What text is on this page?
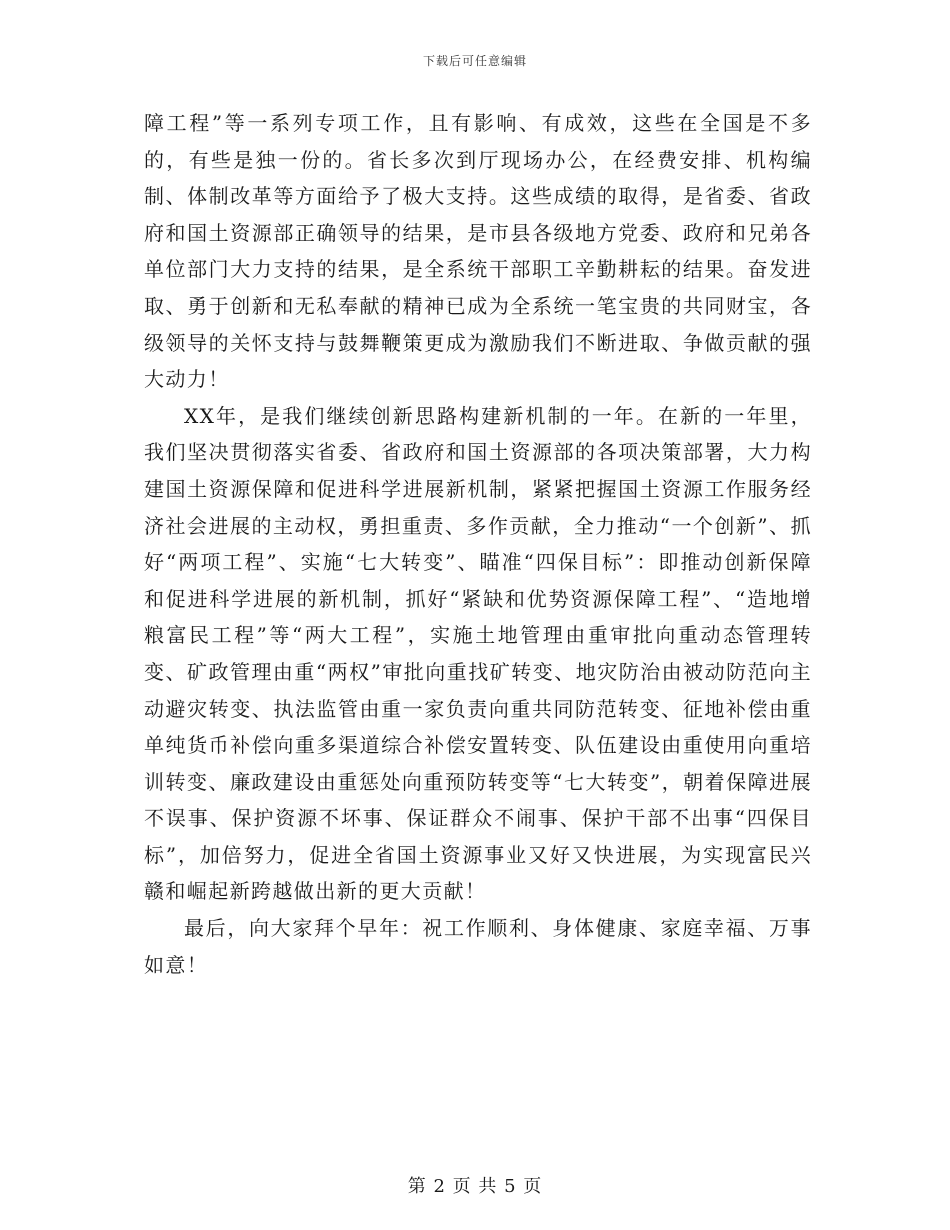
下载后可任意编辑

障工程”等一系列专项工作，且有影响、有成效，这些在全国是不多的，有些是独一份的。省长多次到厅现场办公，在经费安排、机构编制、体制改革等方面给予了极大支持。这些成绩的取得，是省委、省政府和国土资源部正确领导的结果，是市县各级地方党委、政府和兄弟各单位部门大力支持的结果，是全系统干部职工辛勤耕耘的结果。奋发进取、勇于创新和无私奉献的精神已成为全系统一笔宝贵的共同财宝，各级领导的关怀支持与鼓舞鞭策更成为激励我们不断进取、争做贡献的强大动力！

XX年，是我们继续创新思路构建新机制的一年。在新的一年里，我们坚决贯彻落实省委、省政府和国土资源部的各项决策部署，大力构建国土资源保障和促进科学进展新机制，紧紧把握国土资源工作服务经济社会进展的主动权，勇担重责、多作贡献，全力推动“一个创新”、抓好“两项工程”、实施“七大转变”、瞄准“四保目标”：即推动创新保障和促进科学进展的新机制，抓好“紧缺和优势资源保障工程”、“造地增粮富民工程”等“两大工程”，实施土地管理由重审批向重动态管理转变、矿政管理由重“两权”审批向重找矿转变、地灾防治由被动防范向主动避灾转变、执法监管由重一家负责向重共同防范转变、征地补偿由重单纯货币补偿向重多渠道综合补偿安置转变、队伍建设由重使用向重培训转变、廉政建设由重惩处向重预防转变等“七大转变”，朝着保障进展不误事、保护资源不坏事、保证群众不闹事、保护干部不出事“四保目标”，加倍努力，促进全省国土资源事业又好又快进展，为实现富民兴赣和崛起新跨越做出新的更大贡献！

最后，向大家拜个早年：祝工作顺利、身体健康、家庭幸福、万事如意！

第 2 页 共 5 页
